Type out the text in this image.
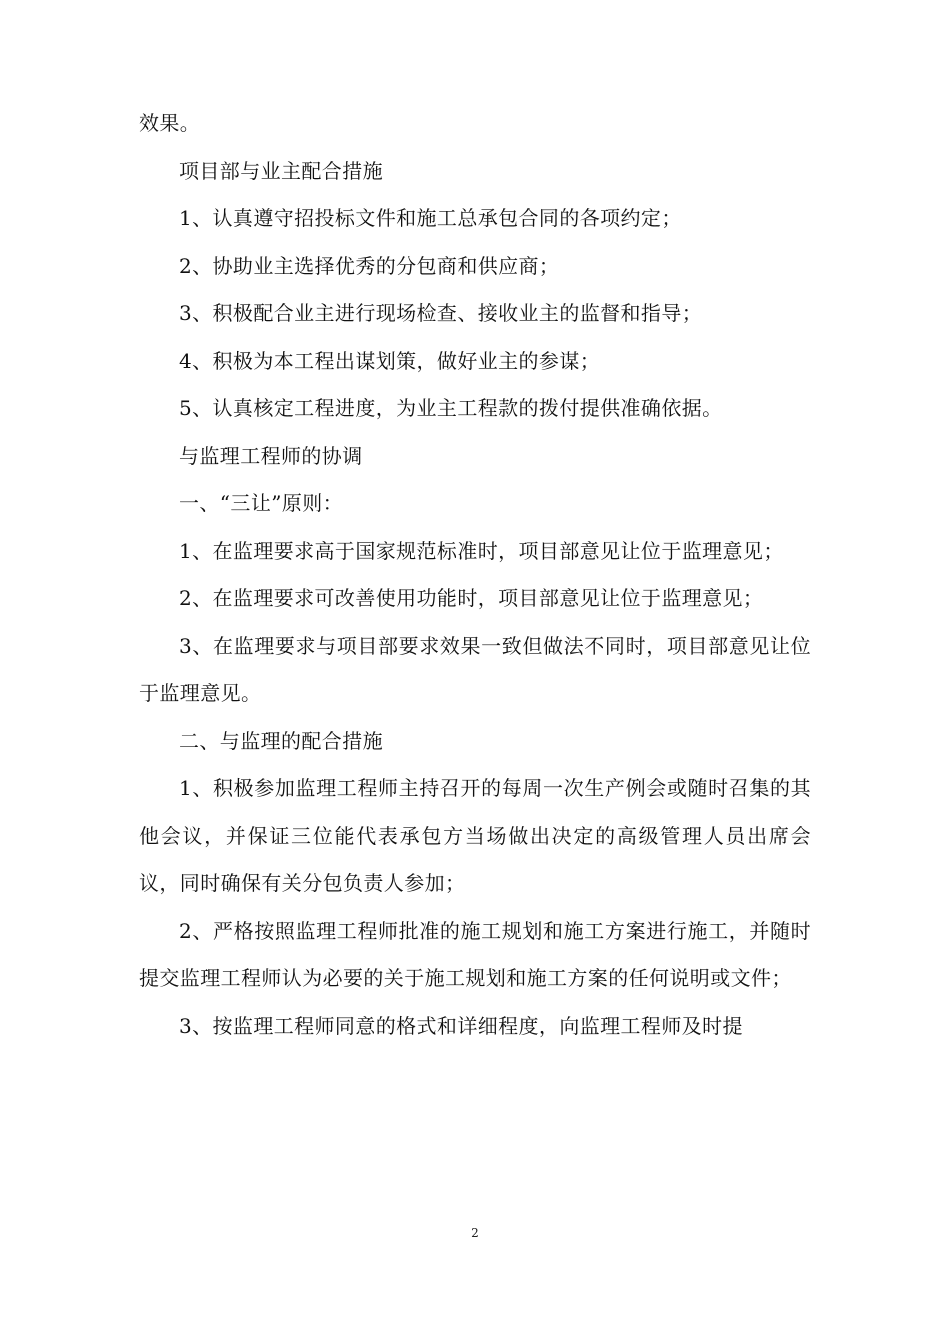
效果。

项目部与业主配合措施

1、认真遵守招投标文件和施工总承包合同的各项约定；

2、协助业主选择优秀的分包商和供应商；

3、积极配合业主进行现场检查、接收业主的监督和指导；

4、积极为本工程出谋划策，做好业主的参谋；

5、认真核定工程进度，为业主工程款的拨付提供准确依据。

与监理工程师的协调

一、“三让”原则：

1、在监理要求高于国家规范标准时，项目部意见让位于监理意见；

2、在监理要求可改善使用功能时，项目部意见让位于监理意见；

3、在监理要求与项目部要求效果一致但做法不同时，项目部意见让位于监理意见。

二、与监理的配合措施

1、积极参加监理工程师主持召开的每周一次生产例会或随时召集的其他会议，并保证三位能代表承包方当场做出决定的高级管理人员出席会议，同时确保有关分包负责人参加；

2、严格按照监理工程师批准的施工规划和施工方案进行施工，并随时提交监理工程师认为必要的关于施工规划和施工方案的任何说明或文件；

3、按监理工程师同意的格式和详细程度，向监理工程师及时提

2
